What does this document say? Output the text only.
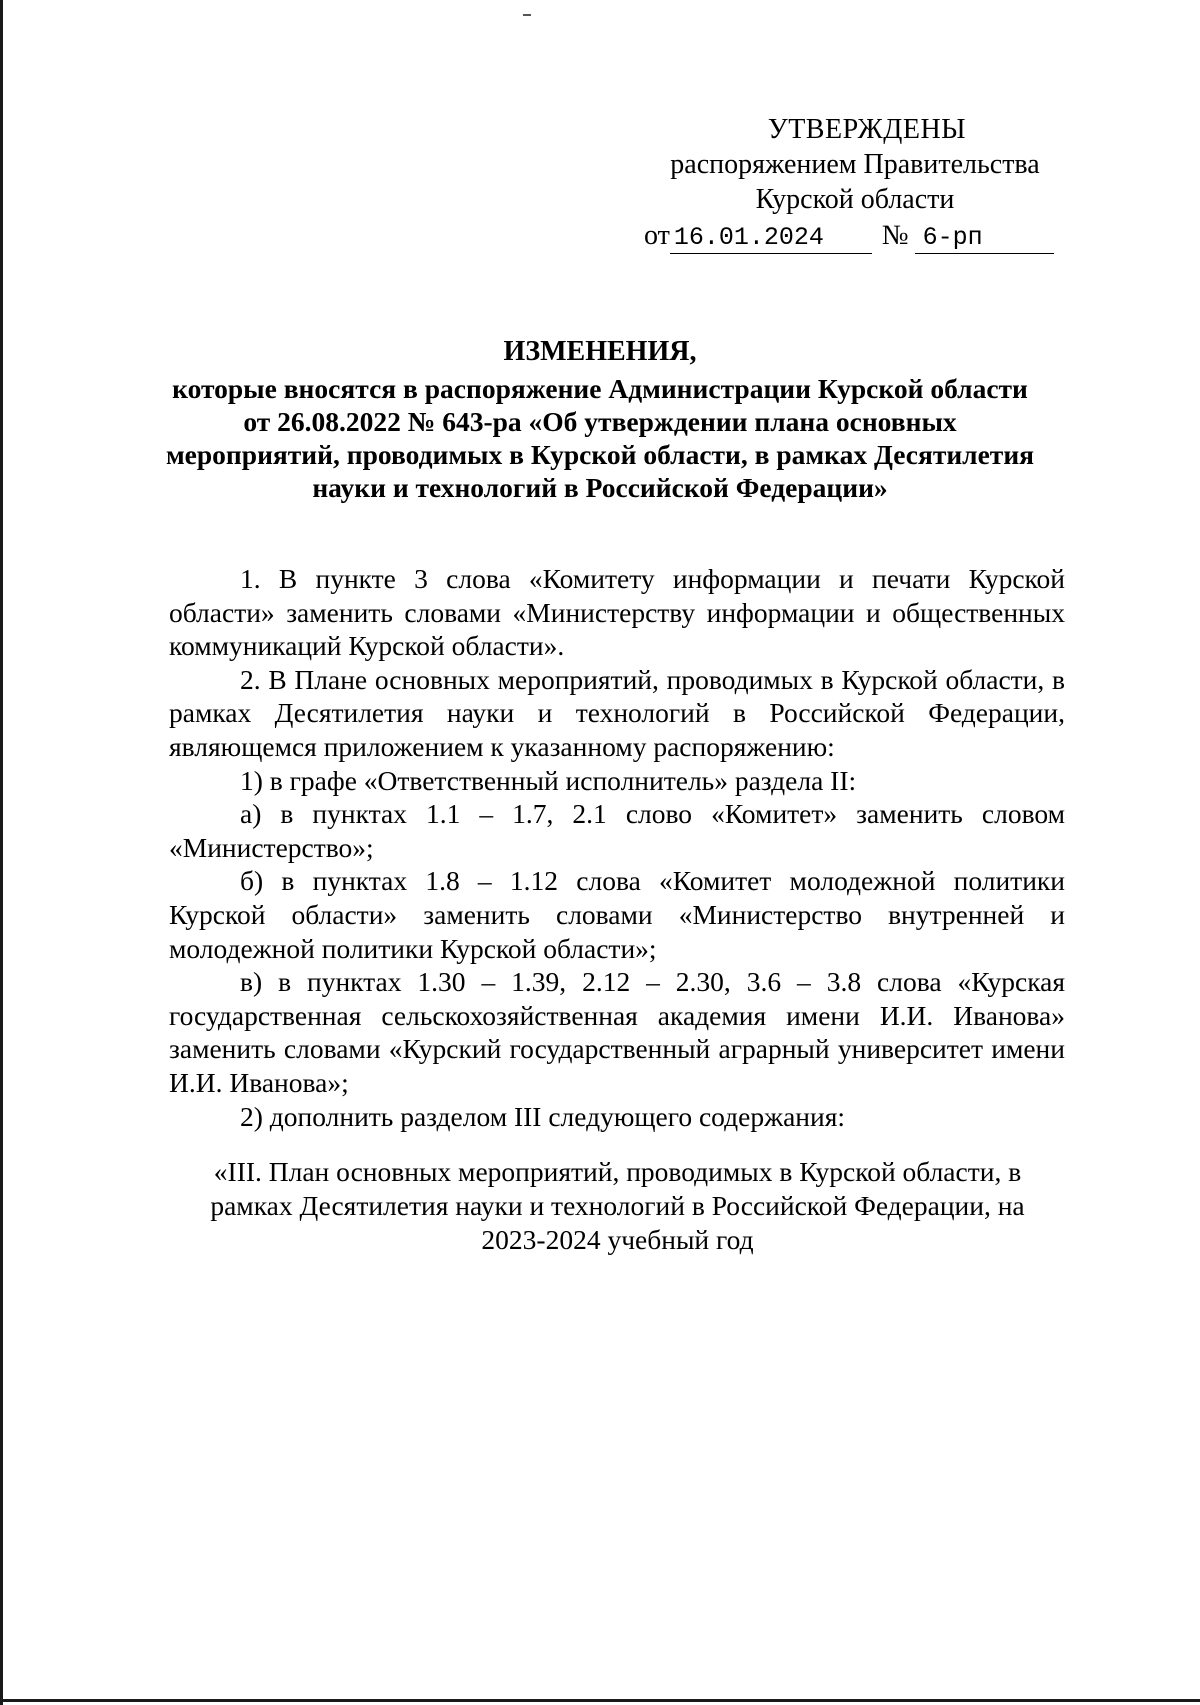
УТВЕРЖДЕНЫ
распоряжением Правительства
Курской области
от 16.01.2024 № 6-рп
ИЗМЕНЕНИЯ,
которые вносятся в распоряжение Администрации Курской области
от 26.08.2022 № 643-ра «Об утверждении плана основных
мероприятий, проводимых в Курской области, в рамках Десятилетия
науки и технологий в Российской Федерации»

1. В пункте 3 слова «Комитету информации и печати Курской области» заменить словами «Министерству информации и общественных коммуникаций Курской области».

2. В Плане основных мероприятий, проводимых в Курской области, в рамках Десятилетия науки и технологий в Российской Федерации, являющемся приложением к указанному распоряжению:

1) в графе «Ответственный исполнитель» раздела II:

а) в пунктах 1.1 – 1.7, 2.1 слово «Комитет» заменить словом «Министерство»;

б) в пунктах 1.8 – 1.12 слова «Комитет молодежной политики Курской области» заменить словами «Министерство внутренней и молодежной политики Курской области»;

в) в пунктах 1.30 – 1.39, 2.12 – 2.30, 3.6 – 3.8 слова «Курская государственная сельскохозяйственная академия имени И.И. Иванова» заменить словами «Курский государственный аграрный университет имени И.И. Иванова»;

2) дополнить разделом III следующего содержания:

«III. План основных мероприятий, проводимых в Курской области, в
рамках Десятилетия науки и технологий в Российской Федерации, на
2023-2024 учебный год
